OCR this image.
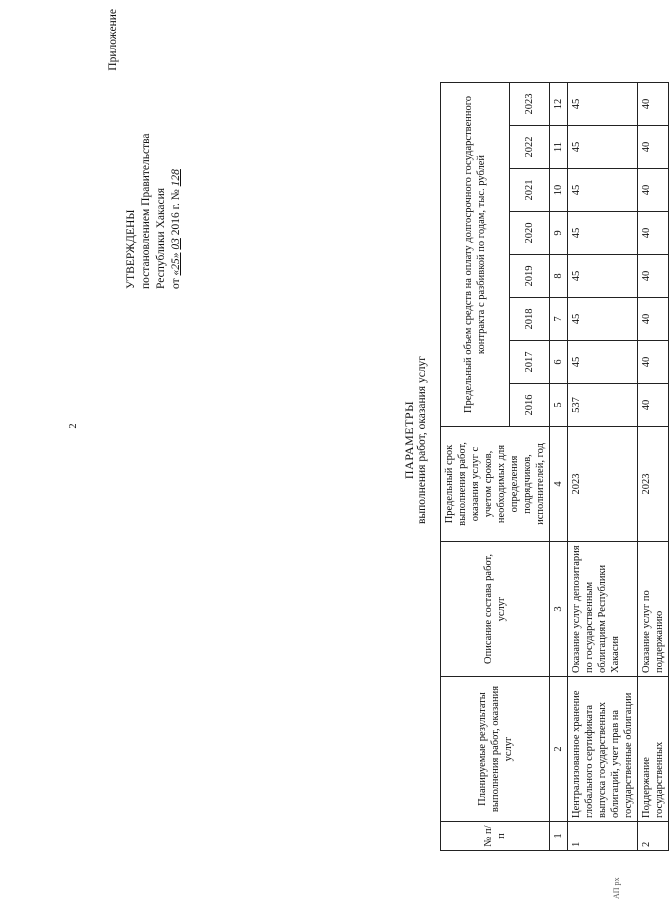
2
Приложение
УТВЕРЖДЕНЫ постановлением Правительства Республики Хакасия от «25» 03 2016 г. № 128
ПАРАМЕТРЫ выполнения работ, оказания услуг
№ п/п	Планируемые результаты выполнения работ, оказания услуг	Описание состава работ, услуг	Предельный срок выполнения работ, оказания услуг с учетом сроков, необходимых для определения подрядчиков, исполнителей, год	Предельный объем средств на оплату долгосрочного государственного контракта с разбивкой по годам, тыс. рублей							
				2016	2017	2018	2019	2020	2021	2022	2023
1	2	3	4	5	6	7	8	9	10	11	12
1	Централизованное хранение глобального сертификата выпуска государственных облигаций, учет прав на государственные облигации	Оказание услуг депозитария по государственным облигациям Республики Хакасия	2023	537	45	45	45	45	45	45	45
2	Поддержание государственных	Оказание услуг по поддержанию	2023	40	40	40	40	40	40	40	40
АП рх
